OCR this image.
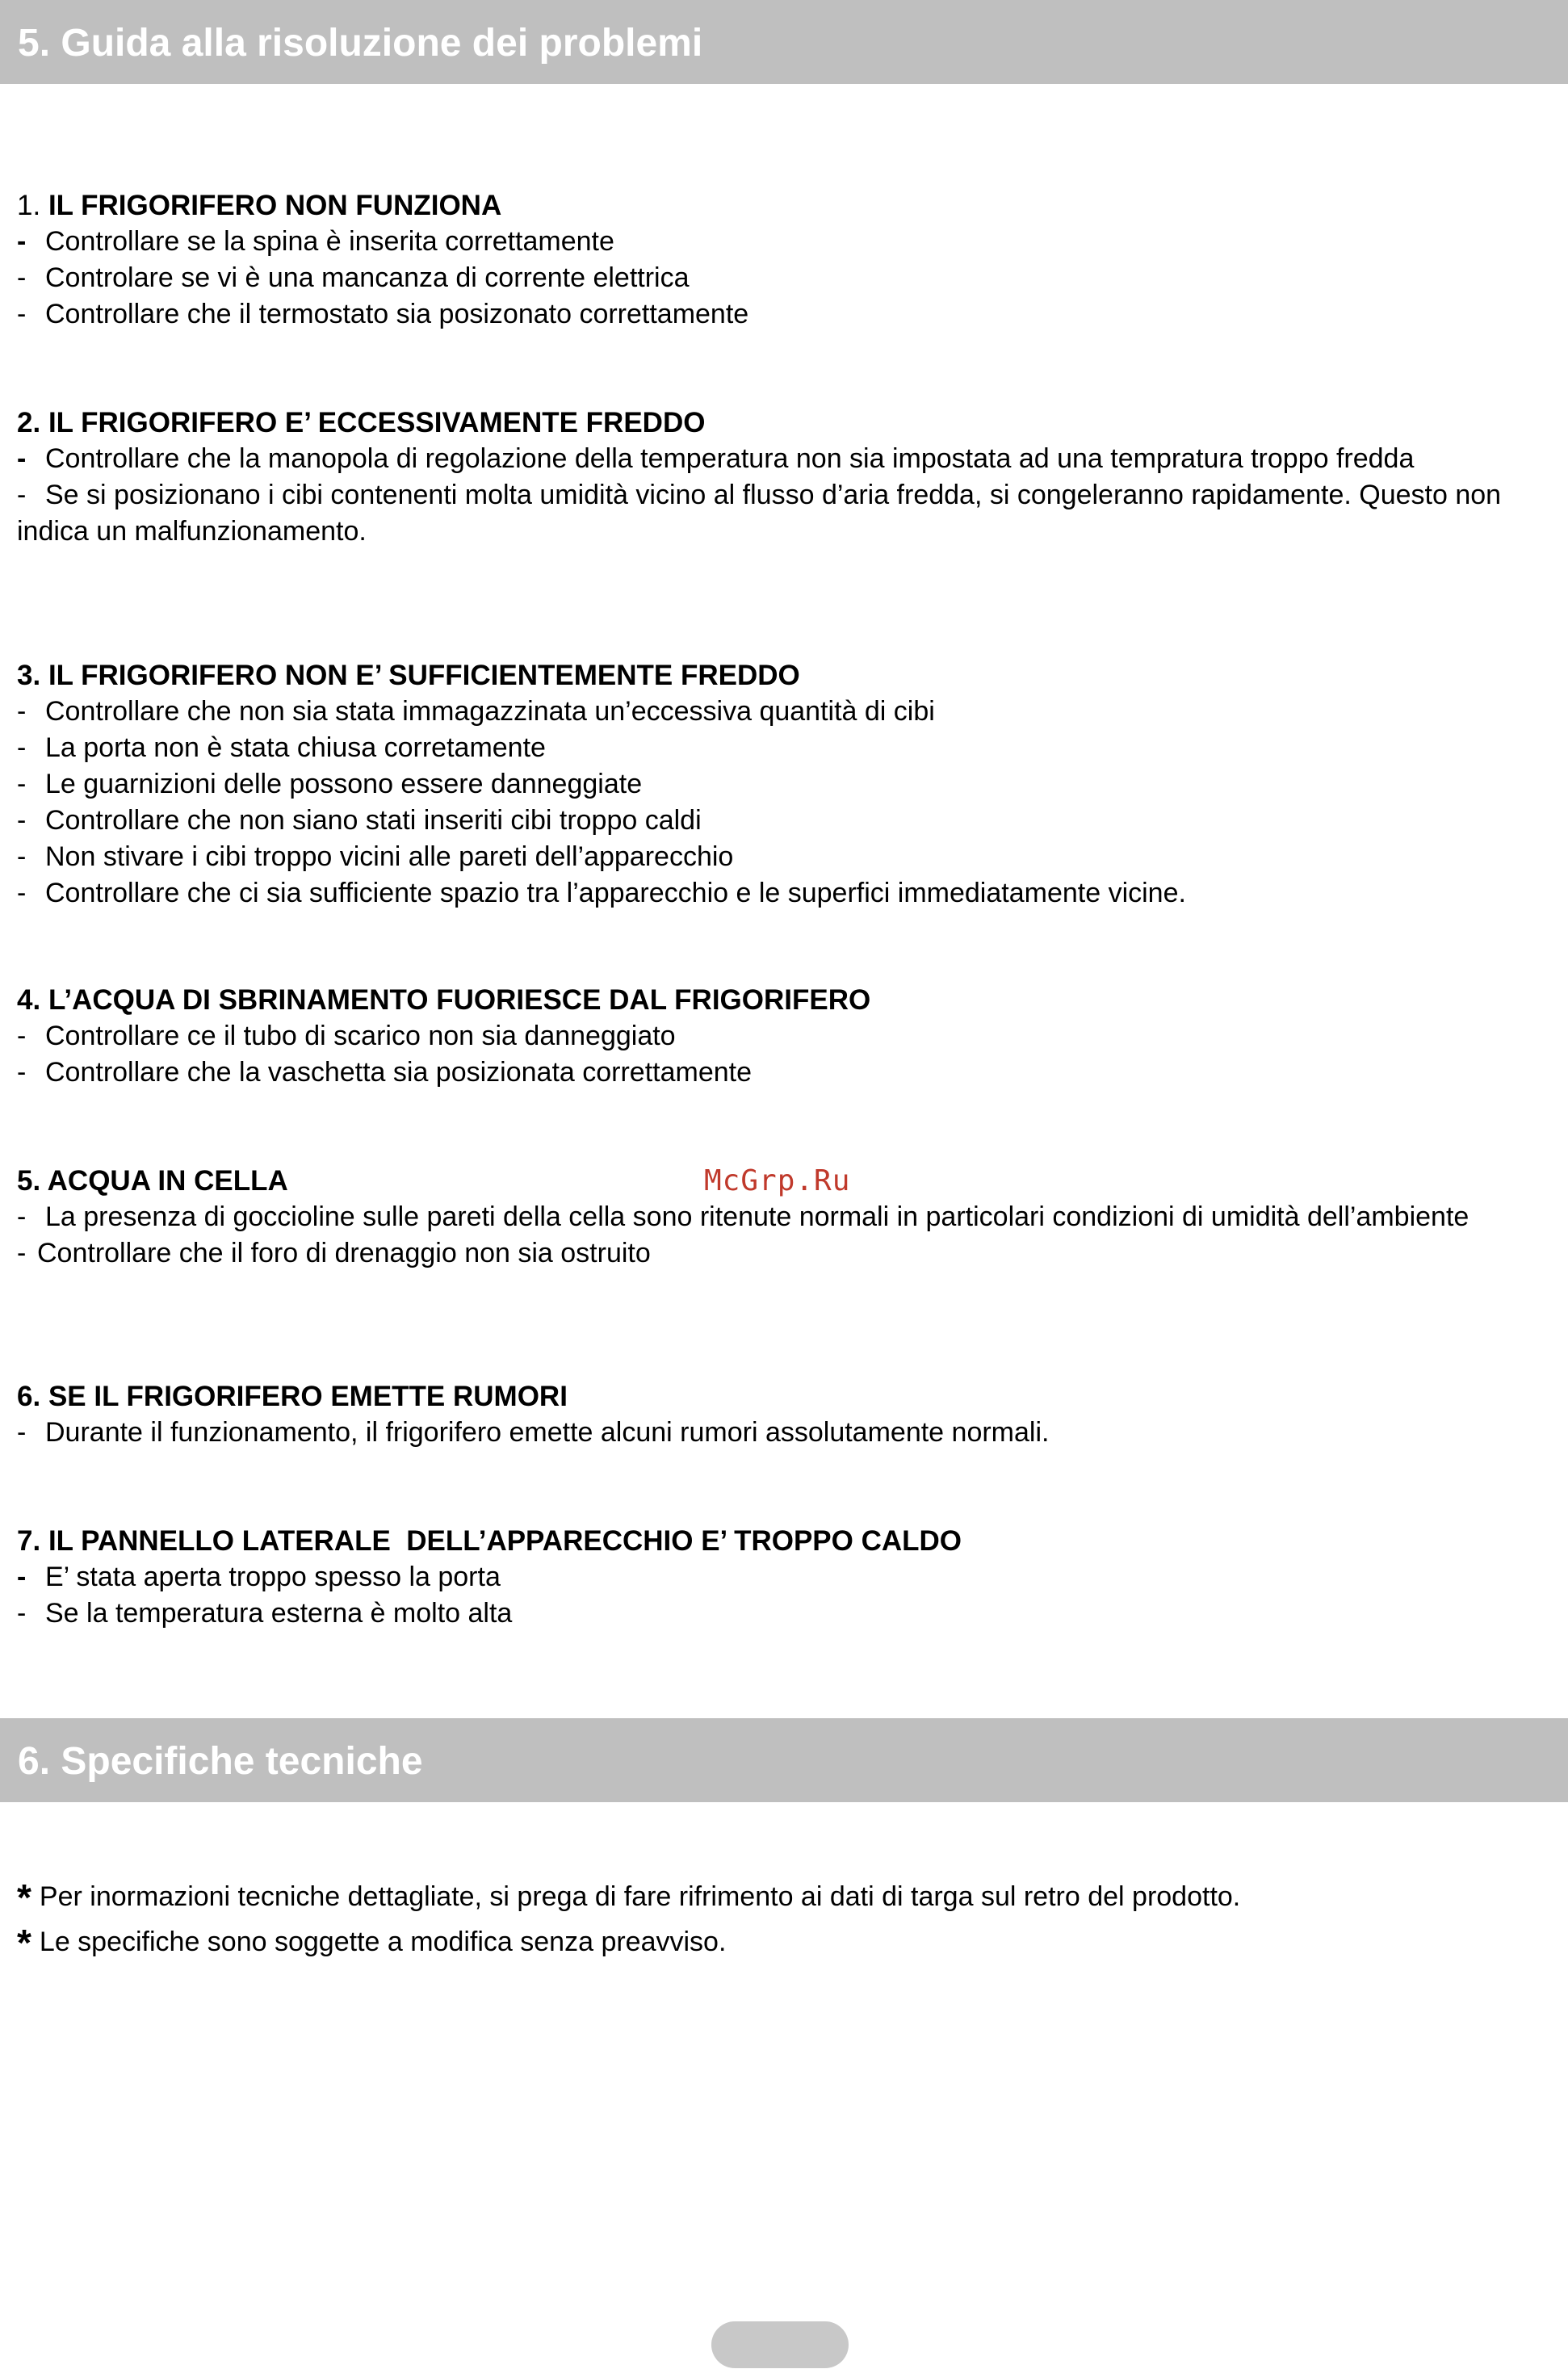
5. Guida alla risoluzione dei problemi
1. IL FRIGORIFERO NON FUNZIONA
- Controllare se la spina è inserita correttamente
- Controlare se vi è una mancanza di corrente elettrica
- Controllare che il termostato sia posizonato correttamente
2. IL FRIGORIFERO E’ ECCESSIVAMENTE FREDDO
- Controllare che la manopola di regolazione della temperatura non sia impostata ad una tempratura troppo fredda
- Se si posizionano i cibi contenenti molta umidità vicino al flusso d’aria fredda, si congeleranno rapidamente. Questo non indica un malfunzionamento.
3. IL FRIGORIFERO NON E’ SUFFICIENTEMENTE FREDDO
- Controllare che non sia stata immagazzinata un’eccessiva quantità di cibi
- La porta non è stata chiusa corretamente
- Le guarnizioni delle possono essere danneggiate
- Controllare che non siano stati inseriti cibi troppo caldi
- Non stivare i cibi troppo vicini alle pareti dell’apparecchio
- Controllare che ci sia sufficiente spazio tra l’apparecchio e le superfici immediatamente vicine.
4. L’ACQUA DI SBRINAMENTO FUORIESCE DAL FRIGORIFERO
- Controllare ce il tubo di scarico non sia danneggiato
- Controllare che la vaschetta sia posizionata correttamente
5. ACQUA IN CELLA
- La presenza di goccioline sulle pareti della cella sono ritenute normali in particolari condizioni di umidità dell’ambiente
- Controllare che il foro di drenaggio non sia ostruito
6. SE IL FRIGORIFERO EMETTE RUMORI
- Durante il funzionamento, il frigorifero emette alcuni rumori assolutamente normali.
7. IL PANNELLO LATERALE  DELL’APPARECCHIO E’ TROPPO CALDO
- E’ stata aperta troppo spesso la porta
- Se la temperatura esterna è molto alta
McGrp.Ru
6. Specifiche tecniche
* Per inormazioni tecniche dettagliate, si prega di fare rifrimento ai dati di targa sul retro del prodotto.
* Le specifiche sono soggette a modifica senza preavviso.
